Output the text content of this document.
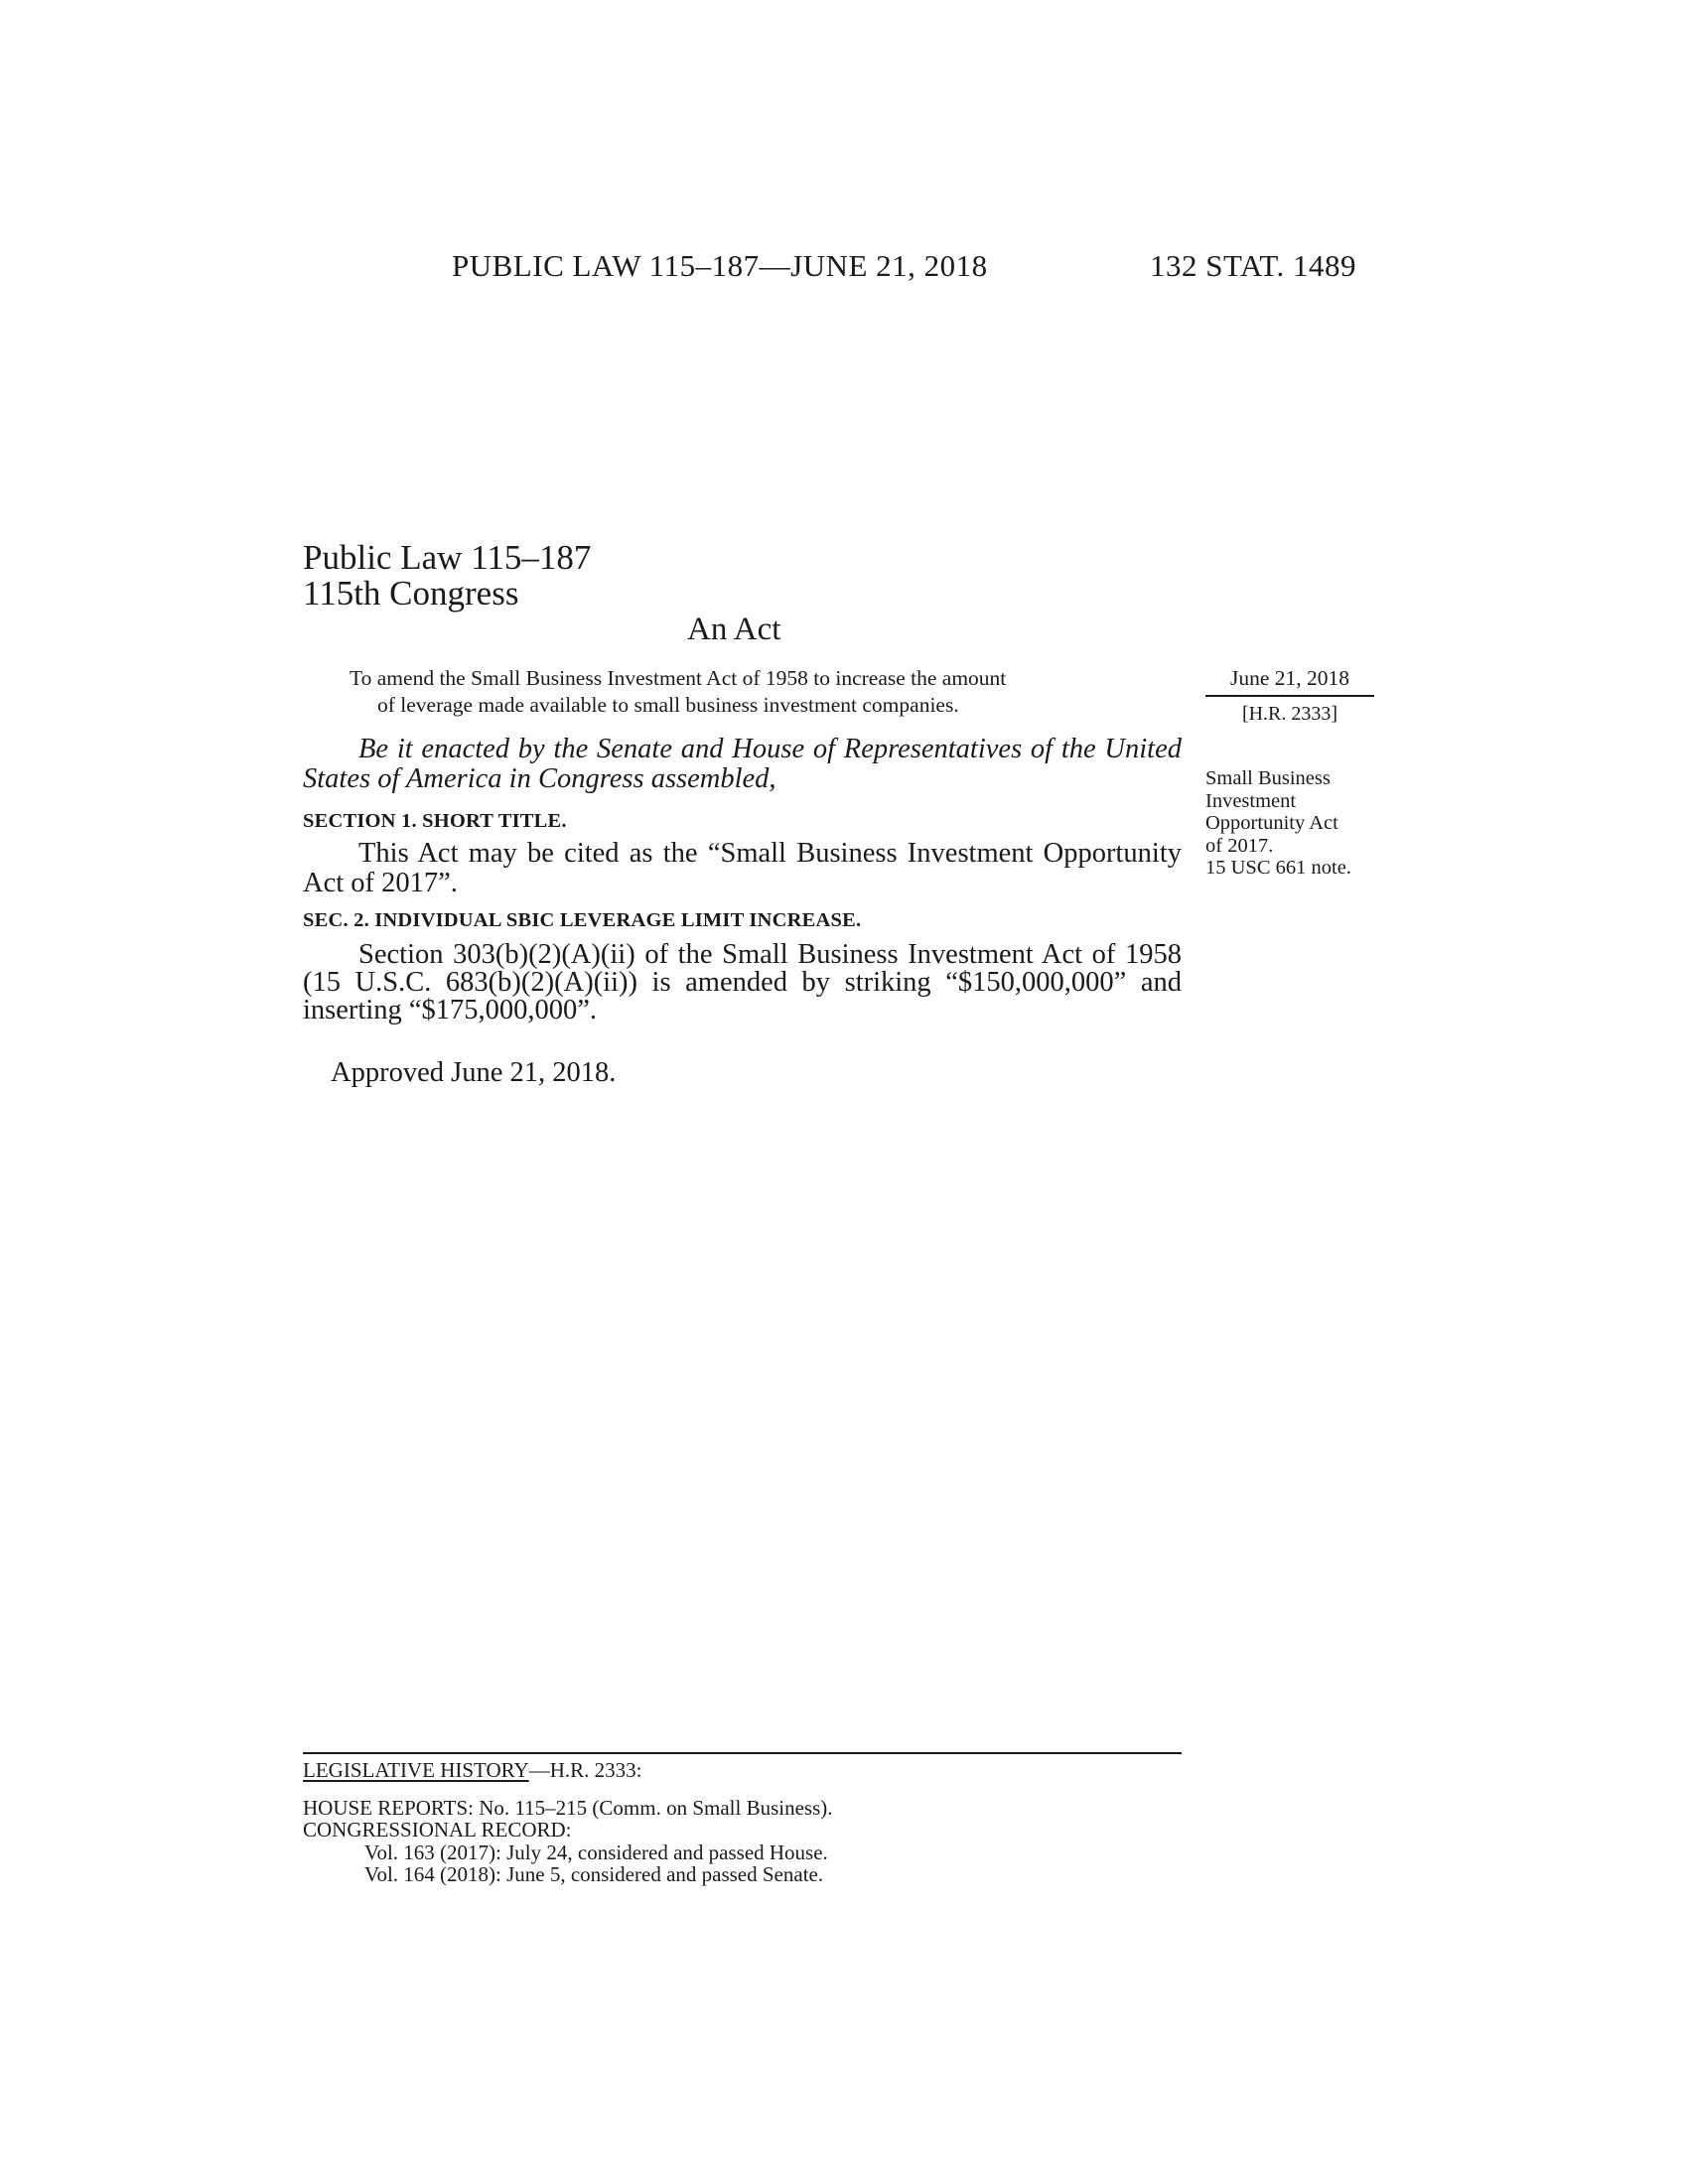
PUBLIC LAW 115–187—JUNE 21, 2018	132 STAT. 1489
Public Law 115–187
115th Congress
An Act
To amend the Small Business Investment Act of 1958 to increase the amount
of leverage made available to small business investment companies.
June 21, 2018
[H.R. 2333]
Small Business
Investment
Opportunity Act
of 2017.
15 USC 661 note.
Be it enacted by the Senate and House of Representatives of the United States of America in Congress assembled,
SECTION 1. SHORT TITLE.
This Act may be cited as the “Small Business Investment Opportunity Act of 2017”.
SEC. 2. INDIVIDUAL SBIC LEVERAGE LIMIT INCREASE.
Section 303(b)(2)(A)(ii) of the Small Business Investment Act of 1958 (15 U.S.C. 683(b)(2)(A)(ii)) is amended by striking “$150,000,000” and inserting “$175,000,000”.
Approved June 21, 2018.
LEGISLATIVE HISTORY—H.R. 2333:
HOUSE REPORTS: No. 115–215 (Comm. on Small Business).
CONGRESSIONAL RECORD:
Vol. 163 (2017): July 24, considered and passed House.
Vol. 164 (2018): June 5, considered and passed Senate.
